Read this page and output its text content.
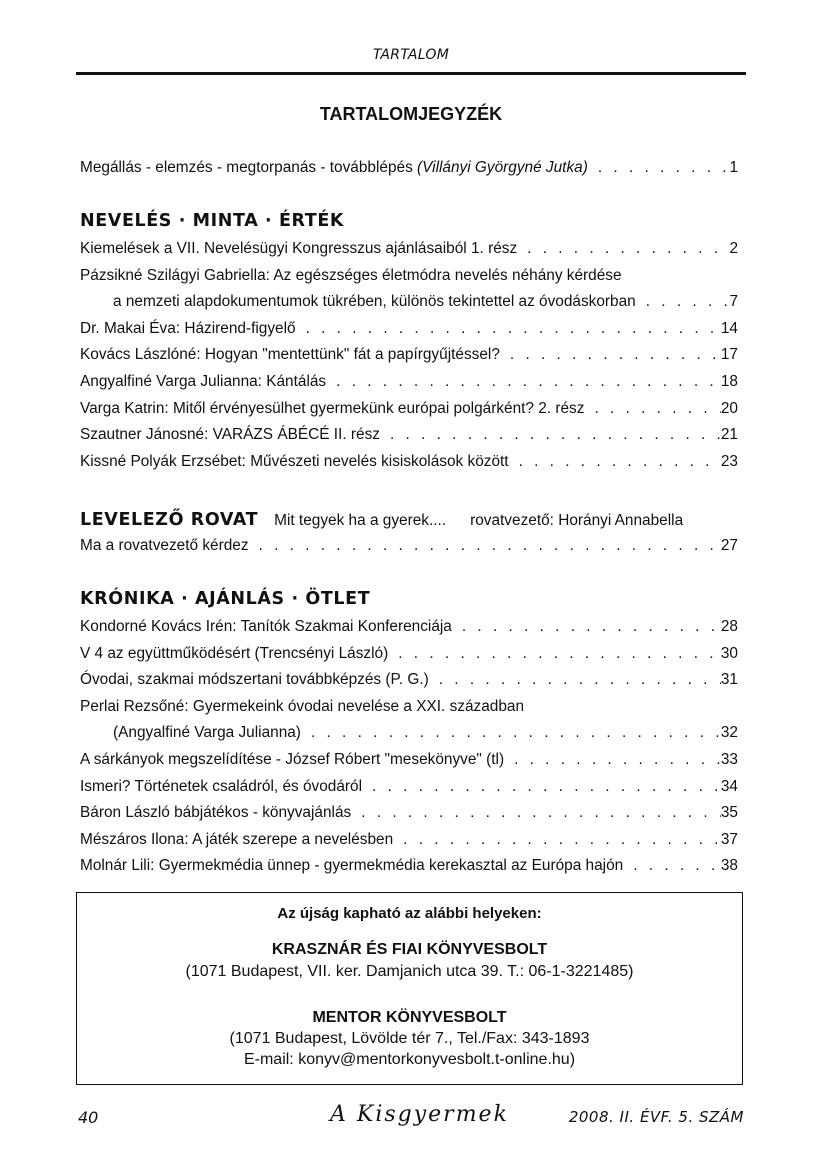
TARTALOM
TARTALOMJEGYZÉK
Megállás - elemzés - megtorpanás - továbblépés (Villányi Györgyné Jutka) . . .	1
NEVELÉS · MINTA · ÉRTÉK
Kiemelések a VII. Nevelésügyi Kongresszus ajánlásaiból 1. rész . . .	2
Pázsikné Szilágyi Gabriella: Az egészséges életmódra nevelés néhány kérdése
a nemzeti alapdokumentumok tükrében, különös tekintettel az óvodáskorban . . .	7
Dr. Makai Éva: Házirend-figyelő . . .	14
Kovács Lászlóné: Hogyan "mentettünk" fát a papírgyűjtéssel? . . .	17
Angyalfiné Varga Julianna: Kántálás . . .	18
Varga Katrin: Mitől érvényesülhet gyermekünk európai polgárként? 2. rész . . .	20
Szautner Jánosné: VARÁZS ÁBÉCÉ II. rész . . .	21
Kissné Polyák Erzsébet: Művészeti nevelés kisiskolások között . . .	23
LEVELEZŐ ROVAT Mit tegyek ha a gyerek.... rovatvezető: Horányi Annabella
Ma a rovatvezető kérdez . . .	27
KRÓNIKA · AJÁNLÁS · ÖTLET
Kondorné Kovács Irén: Tanítók Szakmai Konferenciája . . .	28
V 4 az együttműködésért (Trencsényi László) . . .	30
Óvodai, szakmai módszertani továbbképzés (P. G.) . . .	31
Perlai Rezsőné: Gyermekeink óvodai nevelése a XXI. században
(Angyalfiné Varga Julianna) . . .	32
A sárkányok megszelídítése - József Róbert "mesekönyve" (tl) . . .	33
Ismeri? Történetek családról, és óvodáról . . .	34
Báron László bábjátékos - könyvajánlás . . .	35
Mészáros Ilona: A játék szerepe a nevelésben . . .	37
Molnár Lili: Gyermekmédia ünnep - gyermekmédia kerekasztal az Európa hajón . . .	38
Az újság kapható az alábbi helyeken:
KRASZNÁR ÉS FIAI KÖNYVESBOLT
(1071 Budapest, VII. ker. Damjanich utca 39. T.: 06-1-3221485)
MENTOR KÖNYVESBOLT
(1071 Budapest, Lövölde tér 7., Tel./Fax: 343-1893
E-mail: konyv@mentorkonyvesbolt.t-online.hu)
40	A Kisgyermek	2008. II. ÉVF. 5. SZÁM
